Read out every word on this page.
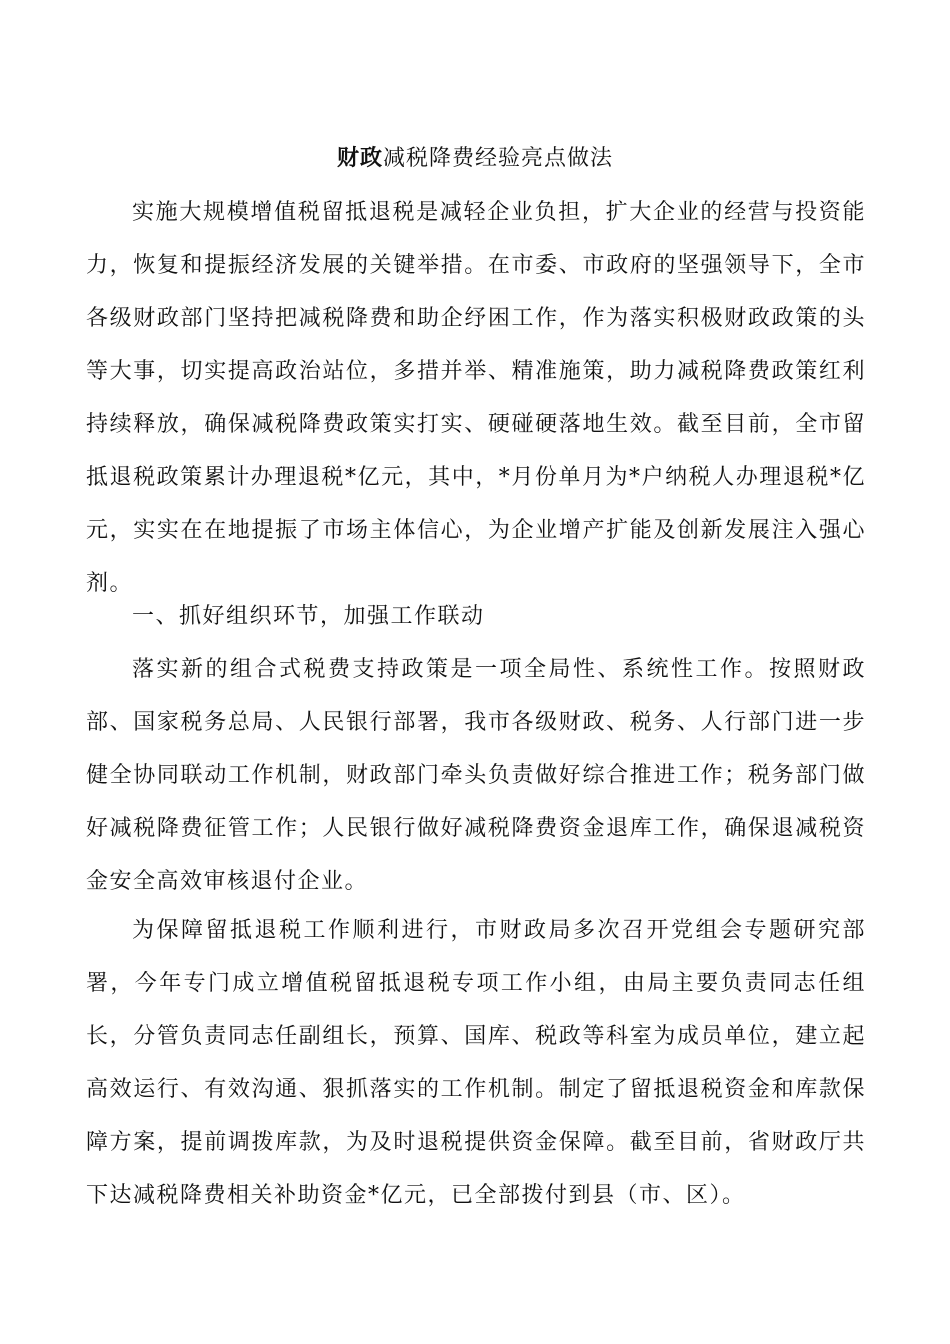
财政减税降费经验亮点做法

实施大规模增值税留抵退税是减轻企业负担，扩大企业的经营与投资能力，恢复和提振经济发展的关键举措。在市委、市政府的坚强领导下，全市各级财政部门坚持把减税降费和助企纾困工作，作为落实积极财政政策的头等大事，切实提高政治站位，多措并举、精准施策，助力减税降费政策红利持续释放，确保减税降费政策实打实、硬碰硬落地生效。截至目前，全市留抵退税政策累计办理退税*亿元，其中，*月份单月为*户纳税人办理退税*亿元，实实在在地提振了市场主体信心，为企业增产扩能及创新发展注入强心剂。

一、抓好组织环节，加强工作联动

落实新的组合式税费支持政策是一项全局性、系统性工作。按照财政部、国家税务总局、人民银行部署，我市各级财政、税务、人行部门进一步健全协同联动工作机制，财政部门牵头负责做好综合推进工作；税务部门做好减税降费征管工作；人民银行做好减税降费资金退库工作，确保退减税资金安全高效审核退付企业。

为保障留抵退税工作顺利进行，市财政局多次召开党组会专题研究部署，今年专门成立增值税留抵退税专项工作小组，由局主要负责同志任组长，分管负责同志任副组长，预算、国库、税政等科室为成员单位，建立起高效运行、有效沟通、狠抓落实的工作机制。制定了留抵退税资金和库款保障方案，提前调拨库款，为及时退税提供资金保障。截至目前，省财政厅共下达减税降费相关补助资金*亿元，已全部拨付到县（市、区）。
